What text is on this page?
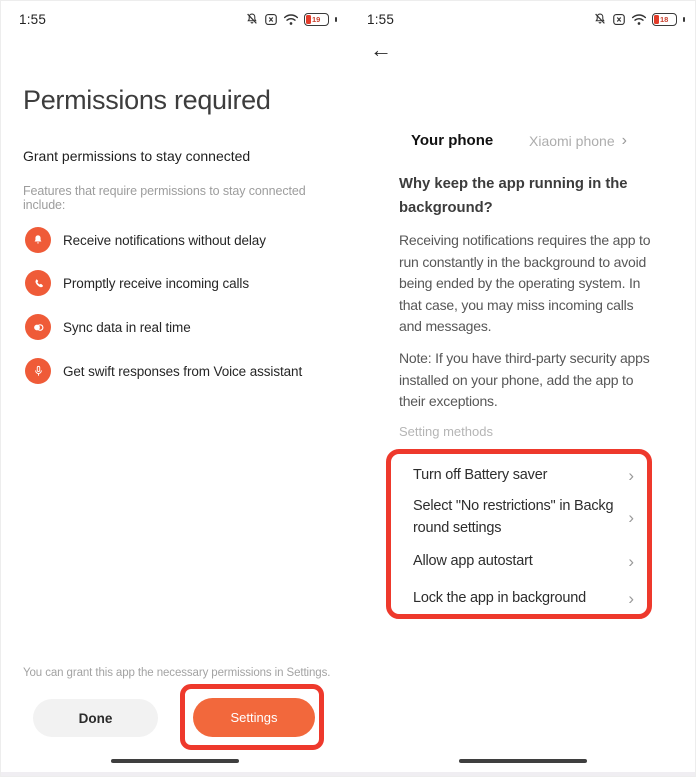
1:55	19
Permissions required
Grant permissions to stay connected
Features that require permissions to stay connected include:
Receive notifications without delay
Promptly receive incoming calls
Sync data in real time
Get swift responses from Voice assistant
You can grant this app the necessary permissions in Settings.
Done	Settings
1:55	18
←
Your phone	Xiaomi phone ›
Why keep the app running in the background?

Receiving notifications requires the app to run constantly in the background to avoid being ended by the operating system. In that case, you may miss incoming calls and messages.

Note: If you have third-party security apps installed on your phone, add the app to their exceptions.

Setting methods
Turn off Battery saver	›
Select "No restrictions" in Background settings
›
Allow app autostart	›
Lock the app in background ›
